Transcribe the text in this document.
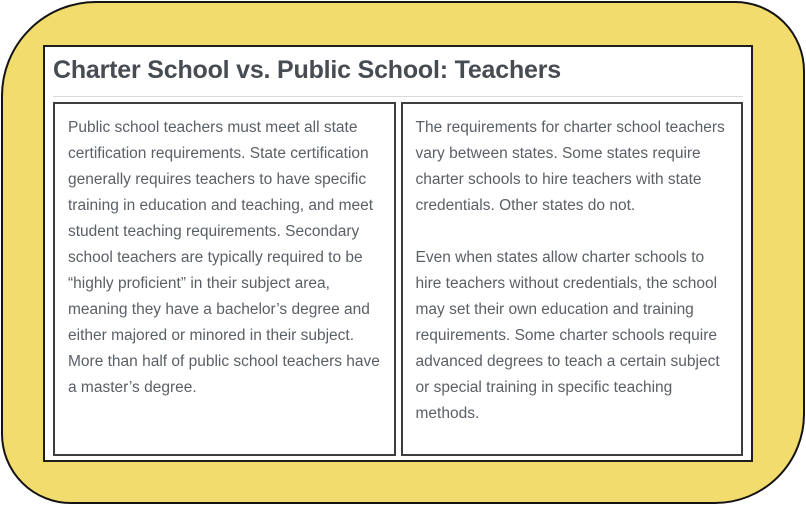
Charter School vs. Public School: Teachers

Public school teachers must meet all state certification requirements. State certification generally requires teachers to have specific training in education and teaching, and meet student teaching requirements. Secondary school teachers are typically required to be “highly proficient” in their subject area, meaning they have a bachelor’s degree and either majored or minored in their subject. More than half of public school teachers have a master’s degree.

The requirements for charter school teachers vary between states. Some states require charter schools to hire teachers with state credentials. Other states do not.

Even when states allow charter schools to hire teachers without credentials, the school may set their own education and training requirements. Some charter schools require advanced degrees to teach a certain subject or special training in specific teaching methods.
